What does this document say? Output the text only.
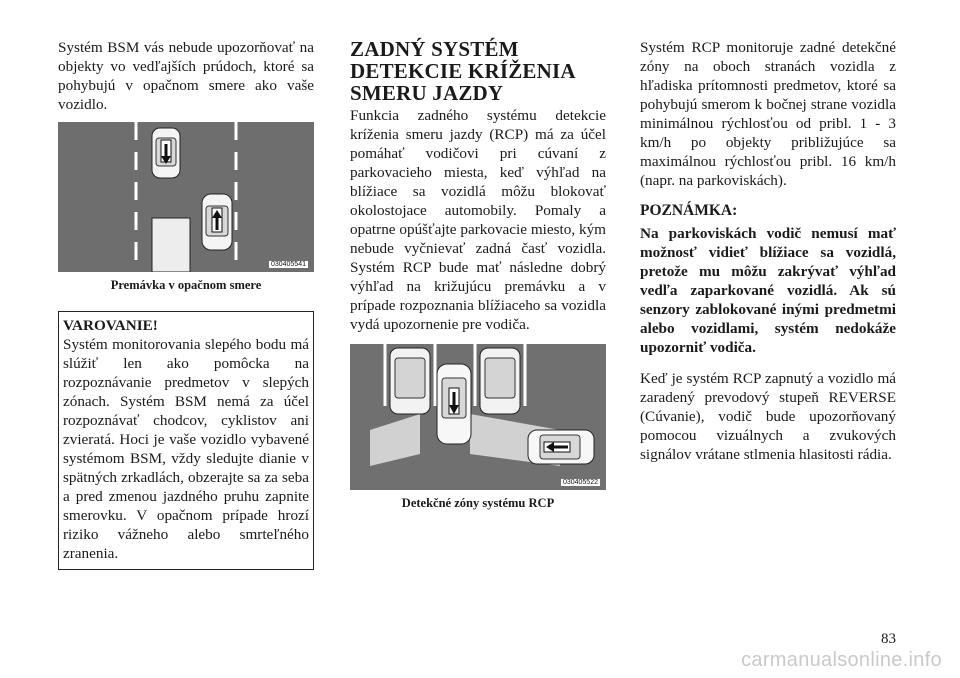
Systém BSM vás nebude upozorňovať na objekty vo vedľajších prúdoch, ktoré sa pohybujú v opačnom smere ako vaše vozidlo.

030405541

Premávka v opačnom smere

VAROVANIE!

Systém monitorovania slepého bodu má slúžiť len ako pomôcka na rozpoznávanie predmetov v slepých zónach. Systém BSM nemá za účel rozpoznávať chodcov, cyklistov ani zvieratá. Hoci je vaše vozidlo vybavené systémom BSM, vždy sledujte dianie v spätných zrkadlách, obzerajte sa za seba a pred zmenou jazdného pruhu zapnite smerovku. V opačnom prípade hrozí riziko vážneho alebo smrteľného zranenia.

ZADNÝ SYSTÉM DETEKCIE KRÍŽENIA SMERU JAZDY

Funkcia zadného systému detekcie kríženia smeru jazdy (RCP) má za účel pomáhať vodičovi pri cúvaní z parkovacieho miesta, keď výhľad na blížiace sa vozidlá môžu blokovať okolostojace automobily. Pomaly a opatrne opúšťajte parkovacie miesto, kým nebude vyčnievať zadná časť vozidla. Systém RCP bude mať následne dobrý výhľad na križujúcu premávku a v prípade rozpoznania blížiaceho sa vozidla vydá upozornenie pre vodiča.

030405522

Detekčné zóny systému RCP

Systém RCP monitoruje zadné detekčné zóny na oboch stranách vozidla z hľadiska prítomnosti predmetov, ktoré sa pohybujú smerom k bočnej strane vozidla minimálnou rýchlosťou od pribl. 1 - 3 km/h po objekty približujúce sa maximálnou rýchlosťou pribl. 16 km/h (napr. na parkoviskách).

POZNÁMKA:

Na parkoviskách vodič nemusí mať možnosť vidieť blížiace sa vozidlá, pretože mu môžu zakrývať výhľad vedľa zaparkované vozidlá. Ak sú senzory zablokované inými predmetmi alebo vozidlami, systém nedokáže upozorniť vodiča.

Keď je systém RCP zapnutý a vozidlo má zaradený prevodový stupeň REVERSE (Cúvanie), vodič bude upozorňovaný pomocou vizuálnych a zvukových signálov vrátane stlmenia hlasitosti rádia.

83
carmanualsonline.info
